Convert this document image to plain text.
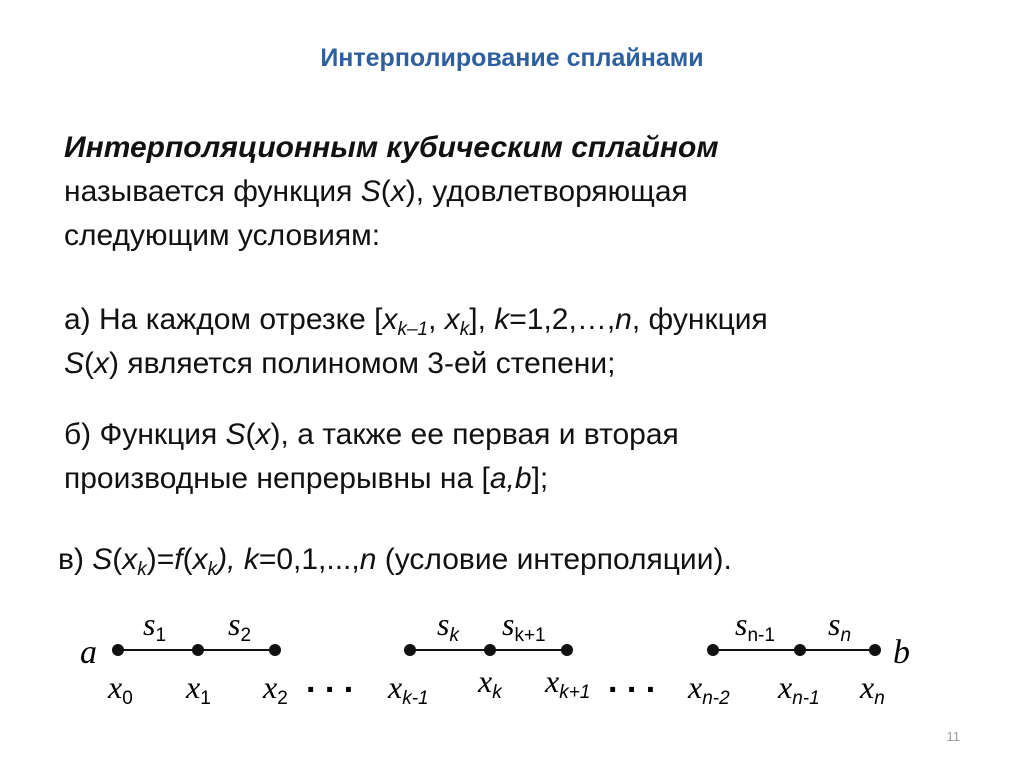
Интерполирование сплайнами
Интерполяционным кубическим сплайном
называется функция S(x), удовлетворяющая
следующим условиям:
а) На каждом отрезке [$x_{k-1}$, $x_k$], k=1,2,…,n, функция
S(x) является полиномом 3-ей степени;
б) Функция S(x), а также ее первая и вторая
производные непрерывны на [a,b];
в) $S(x_k)=f(x_k)$, k=0,1,...,n (условие интерполяции).
a	b
s1 s2	sk sk+1	sn-1 sn
x0 x1 x2	xk-1 xk xk+1	xn-2 xn-1 xn
. . .	. . .
11
